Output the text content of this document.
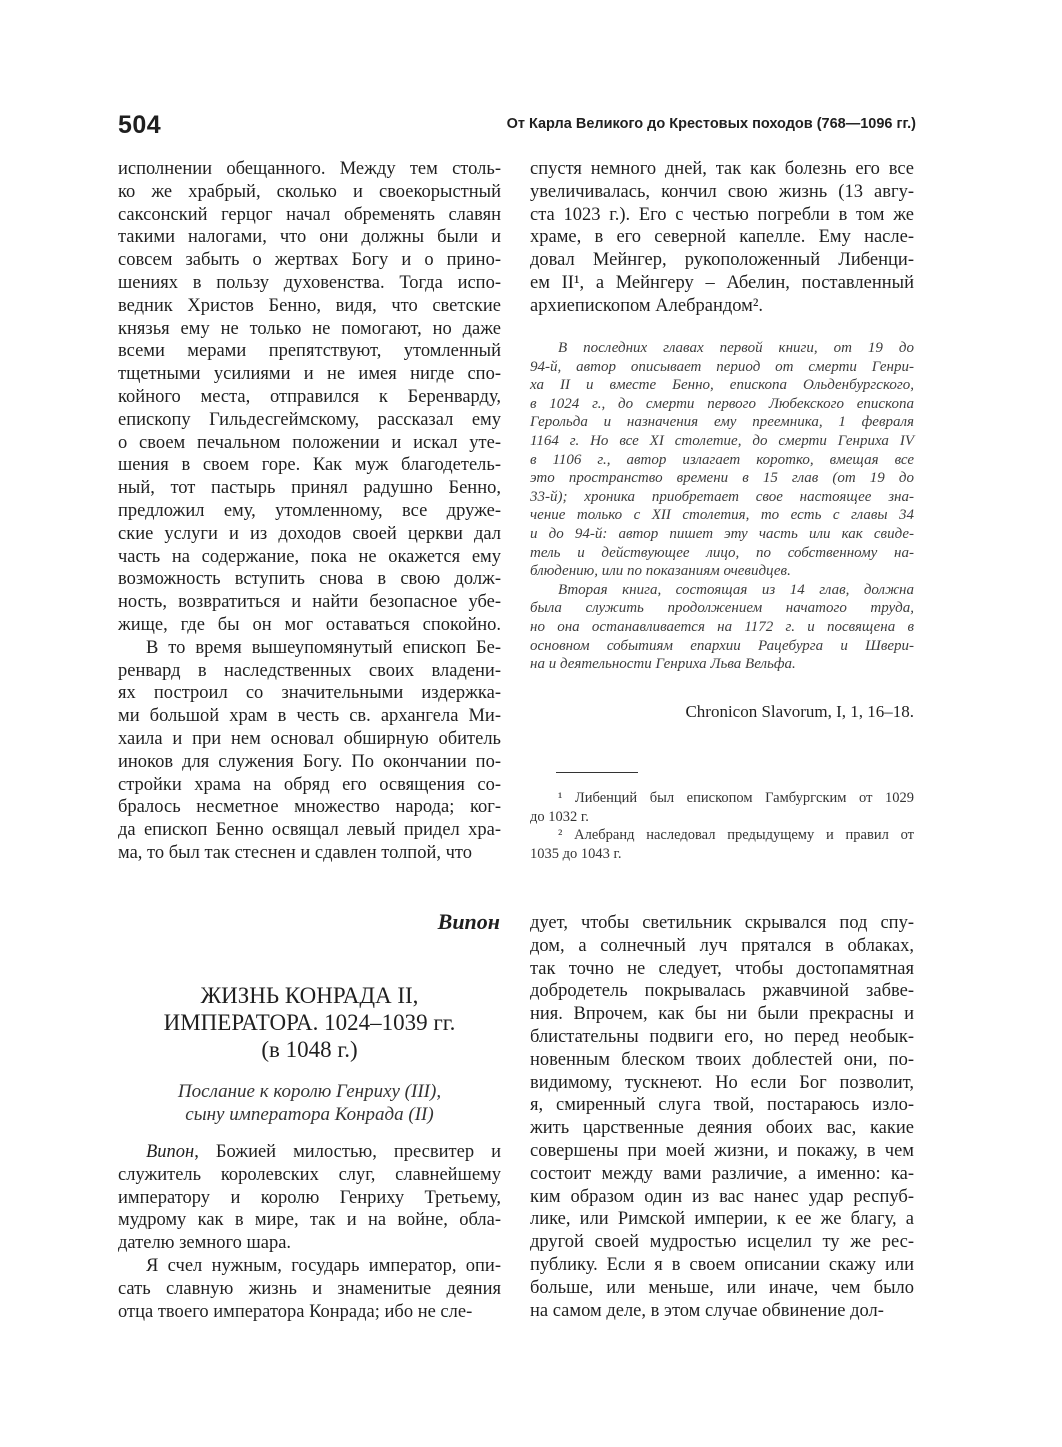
504	От Карла Великого до Крестовых походов (768—1096 гг.)
исполнении обещанного. Между тем столь-
ко же храбрый, сколько и своекорыстный
саксонский герцог начал обременять славян
такими налогами, что они должны были и
совсем забыть о жертвах Богу и о прино-
шениях в пользу духовенства. Тогда испо-
ведник Христов Бенно, видя, что светские
князья ему не только не помогают, но даже
всеми мерами препятствуют, утомленный
тщетными усилиями и не имея нигде спо-
койного места, отправился к Беренварду,
епископу Гильдесгеймскому, рассказал ему
о своем печальном положении и искал уте-
шения в своем горе. Как муж благодетель-
ный, тот пастырь принял радушно Бенно,
предложил ему, утомленному, все друже-
ские услуги и из доходов своей церкви дал
часть на содержание, пока не окажется ему
возможность вступить снова в свою долж-
ность, возвратиться и найти безопасное убе-
жище, где бы он мог оставаться спокойно.
В то время вышеупомянутый епископ Бе-
ренвард в наследственных своих владени-
ях построил со значительными издержка-
ми большой храм в честь св. архангела Ми-
хаила и при нем основал обширную обитель
иноков для служения Богу. По окончании по-
стройки храма на обряд его освящения со-
бралось несметное множество народа; ког-
да епископ Бенно освящал левый придел хра-
ма, то был так стеснен и сдавлен толпой, что
спустя немного дней, так как болезнь его все
увеличивалась, кончил свою жизнь (13 авгу-
ста 1023 г.). Его с честью погребли в том же
храме, в его северной капелле. Ему насле-
довал Мейнгер, рукоположенный Либенци-
ем II¹, а Мейнгеру – Абелин, поставленный
архиепископом Алебрандом².
В последних главах первой книги, от 19 до
94-й, автор описывает период от смерти Генри-
ха II и вместе Бенно, епископа Ольденбургского,
в 1024 г., до смерти первого Любекского епископа
Герольда и назначения ему преемника, 1 февраля
1164 г. Но все XI столетие, до смерти Генриха IV
в 1106 г., автор излагает коротко, вмещая все
это пространство времени в 15 глав (от 19 до
33-й); хроника приобретает свое настоящее зна-
чение только с XII столетия, то есть с главы 34
и до 94-й: автор пишет эту часть или как свиде-
тель и действующее лицо, по собственному на-
блюдению, или по показаниям очевидцев.
Вторая книга, состоящая из 14 глав, должна
была служить продолжением начатого труда,
но она останавливается на 1172 г. и посвящена в
основном событиям епархии Рацебурга и Швери-
на и деятельности Генриха Льва Вельфа.
Chronicon Slavorum, I, 1, 16–18.
¹ Либенций был епископом Гамбургским от 1029
до 1032 г.
² Алебранд наследовал предыдущему и правил от
1035 до 1043 г.
Випон
ЖИЗНЬ КОНРАДА II,
ИМПЕРАТОРА. 1024–1039 гг.
(в 1048 г.)
Послание к королю Генриху (III),
сыну императора Конрада (II)
Випон, Божией милостью, пресвитер и
служитель королевских слуг, славнейшему
императору и королю Генриху Третьему,
мудрому как в мире, так и на войне, обла-
дателю земного шара.
Я счел нужным, государь император, опи-
сать славную жизнь и знаменитые деяния
отца твоего императора Конрада; ибо не сле-
дует, чтобы светильник скрывался под спу-
дом, а солнечный луч прятался в облаках,
так точно не следует, чтобы достопамятная
добродетель покрывалась ржавчиной забве-
ния. Впрочем, как бы ни были прекрасны и
блистательны подвиги его, но перед необык-
новенным блеском твоих доблестей они, по-
видимому, тускнеют. Но если Бог позволит,
я, смиренный слуга твой, постараюсь изло-
жить царственные деяния обоих вас, какие
совершены при моей жизни, и покажу, в чем
состоит между вами различие, а именно: ка-
ким образом один из вас нанес удар респуб-
лике, или Римской империи, к ее же благу, а
другой своей мудростью исцелил ту же рес-
публику. Если я в своем описании скажу или
больше, или меньше, или иначе, чем было
на самом деле, в этом случае обвинение дол-
